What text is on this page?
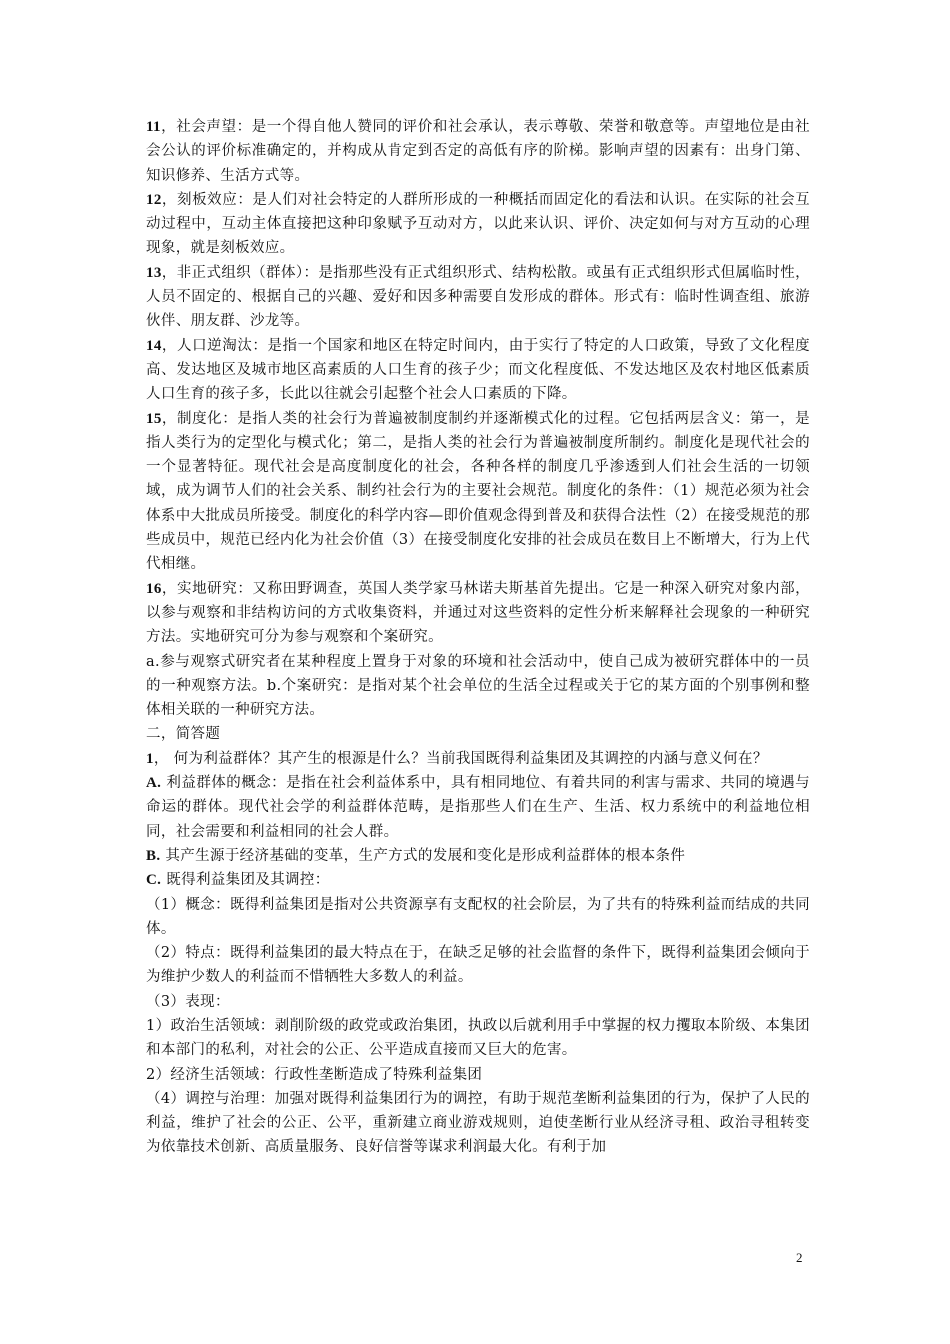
11，社会声望：是一个得自他人赞同的评价和社会承认，表示尊敬、荣誉和敬意等。声望地位是由社会公认的评价标准确定的，并构成从肯定到否定的高低有序的阶梯。影响声望的因素有：出身门第、知识修养、生活方式等。

12，刻板效应：是人们对社会特定的人群所形成的一种概括而固定化的看法和认识。在实际的社会互动过程中，互动主体直接把这种印象赋予互动对方，以此来认识、评价、决定如何与对方互动的心理现象，就是刻板效应。

13，非正式组织（群体）：是指那些没有正式组织形式、结构松散。或虽有正式组织形式但属临时性，人员不固定的、根据自己的兴趣、爱好和因多种需要自发形成的群体。形式有：临时性调查组、旅游伙伴、朋友群、沙龙等。

14，人口逆淘汰：是指一个国家和地区在特定时间内，由于实行了特定的人口政策，导致了文化程度高、发达地区及城市地区高素质的人口生育的孩子少；而文化程度低、不发达地区及农村地区低素质人口生育的孩子多，长此以往就会引起整个社会人口素质的下降。

15，制度化：是指人类的社会行为普遍被制度制约并逐渐模式化的过程。它包括两层含义：第一，是指人类行为的定型化与模式化；第二，是指人类的社会行为普遍被制度所制约。制度化是现代社会的一个显著特征。现代社会是高度制度化的社会，各种各样的制度几乎渗透到人们社会生活的一切领域，成为调节人们的社会关系、制约社会行为的主要社会规范。制度化的条件：（1）规范必须为社会体系中大批成员所接受。制度化的科学内容—即价值观念得到普及和获得合法性（2）在接受规范的那些成员中，规范已经内化为社会价值（3）在接受制度化安排的社会成员在数目上不断增大，行为上代代相继。

16，实地研究：又称田野调查，英国人类学家马林诺夫斯基首先提出。它是一种深入研究对象内部，以参与观察和非结构访问的方式收集资料，并通过对这些资料的定性分析来解释社会现象的一种研究方法。实地研究可分为参与观察和个案研究。

a.参与观察式研究者在某种程度上置身于对象的环境和社会活动中，使自己成为被研究群体中的一员的一种观察方法。b.个案研究：是指对某个社会单位的生活全过程或关于它的某方面的个别事例和整体相关联的一种研究方法。

二，简答题

1， 何为利益群体？其产生的根源是什么？当前我国既得利益集团及其调控的内涵与意义何在？

A. 利益群体的概念：是指在社会利益体系中，具有相同地位、有着共同的利害与需求、共同的境遇与命运的群体。现代社会学的利益群体范畴，是指那些人们在生产、生活、权力系统中的利益地位相同，社会需要和利益相同的社会人群。

B. 其产生源于经济基础的变革，生产方式的发展和变化是形成利益群体的根本条件

C. 既得利益集团及其调控：

（1）概念：既得利益集团是指对公共资源享有支配权的社会阶层，为了共有的特殊利益而结成的共同体。

（2）特点：既得利益集团的最大特点在于，在缺乏足够的社会监督的条件下，既得利益集团会倾向于为维护少数人的利益而不惜牺牲大多数人的利益。

（3）表现：

1）政治生活领域：剥削阶级的政党或政治集团，执政以后就利用手中掌握的权力攫取本阶级、本集团和本部门的私利，对社会的公正、公平造成直接而又巨大的危害。

2）经济生活领域：行政性垄断造成了特殊利益集团

（4）调控与治理：加强对既得利益集团行为的调控，有助于规范垄断利益集团的行为，保护了人民的利益，维护了社会的公正、公平，重新建立商业游戏规则，迫使垄断行业从经济寻租、政治寻租转变为依靠技术创新、高质量服务、良好信誉等谋求利润最大化。有利于加

2
